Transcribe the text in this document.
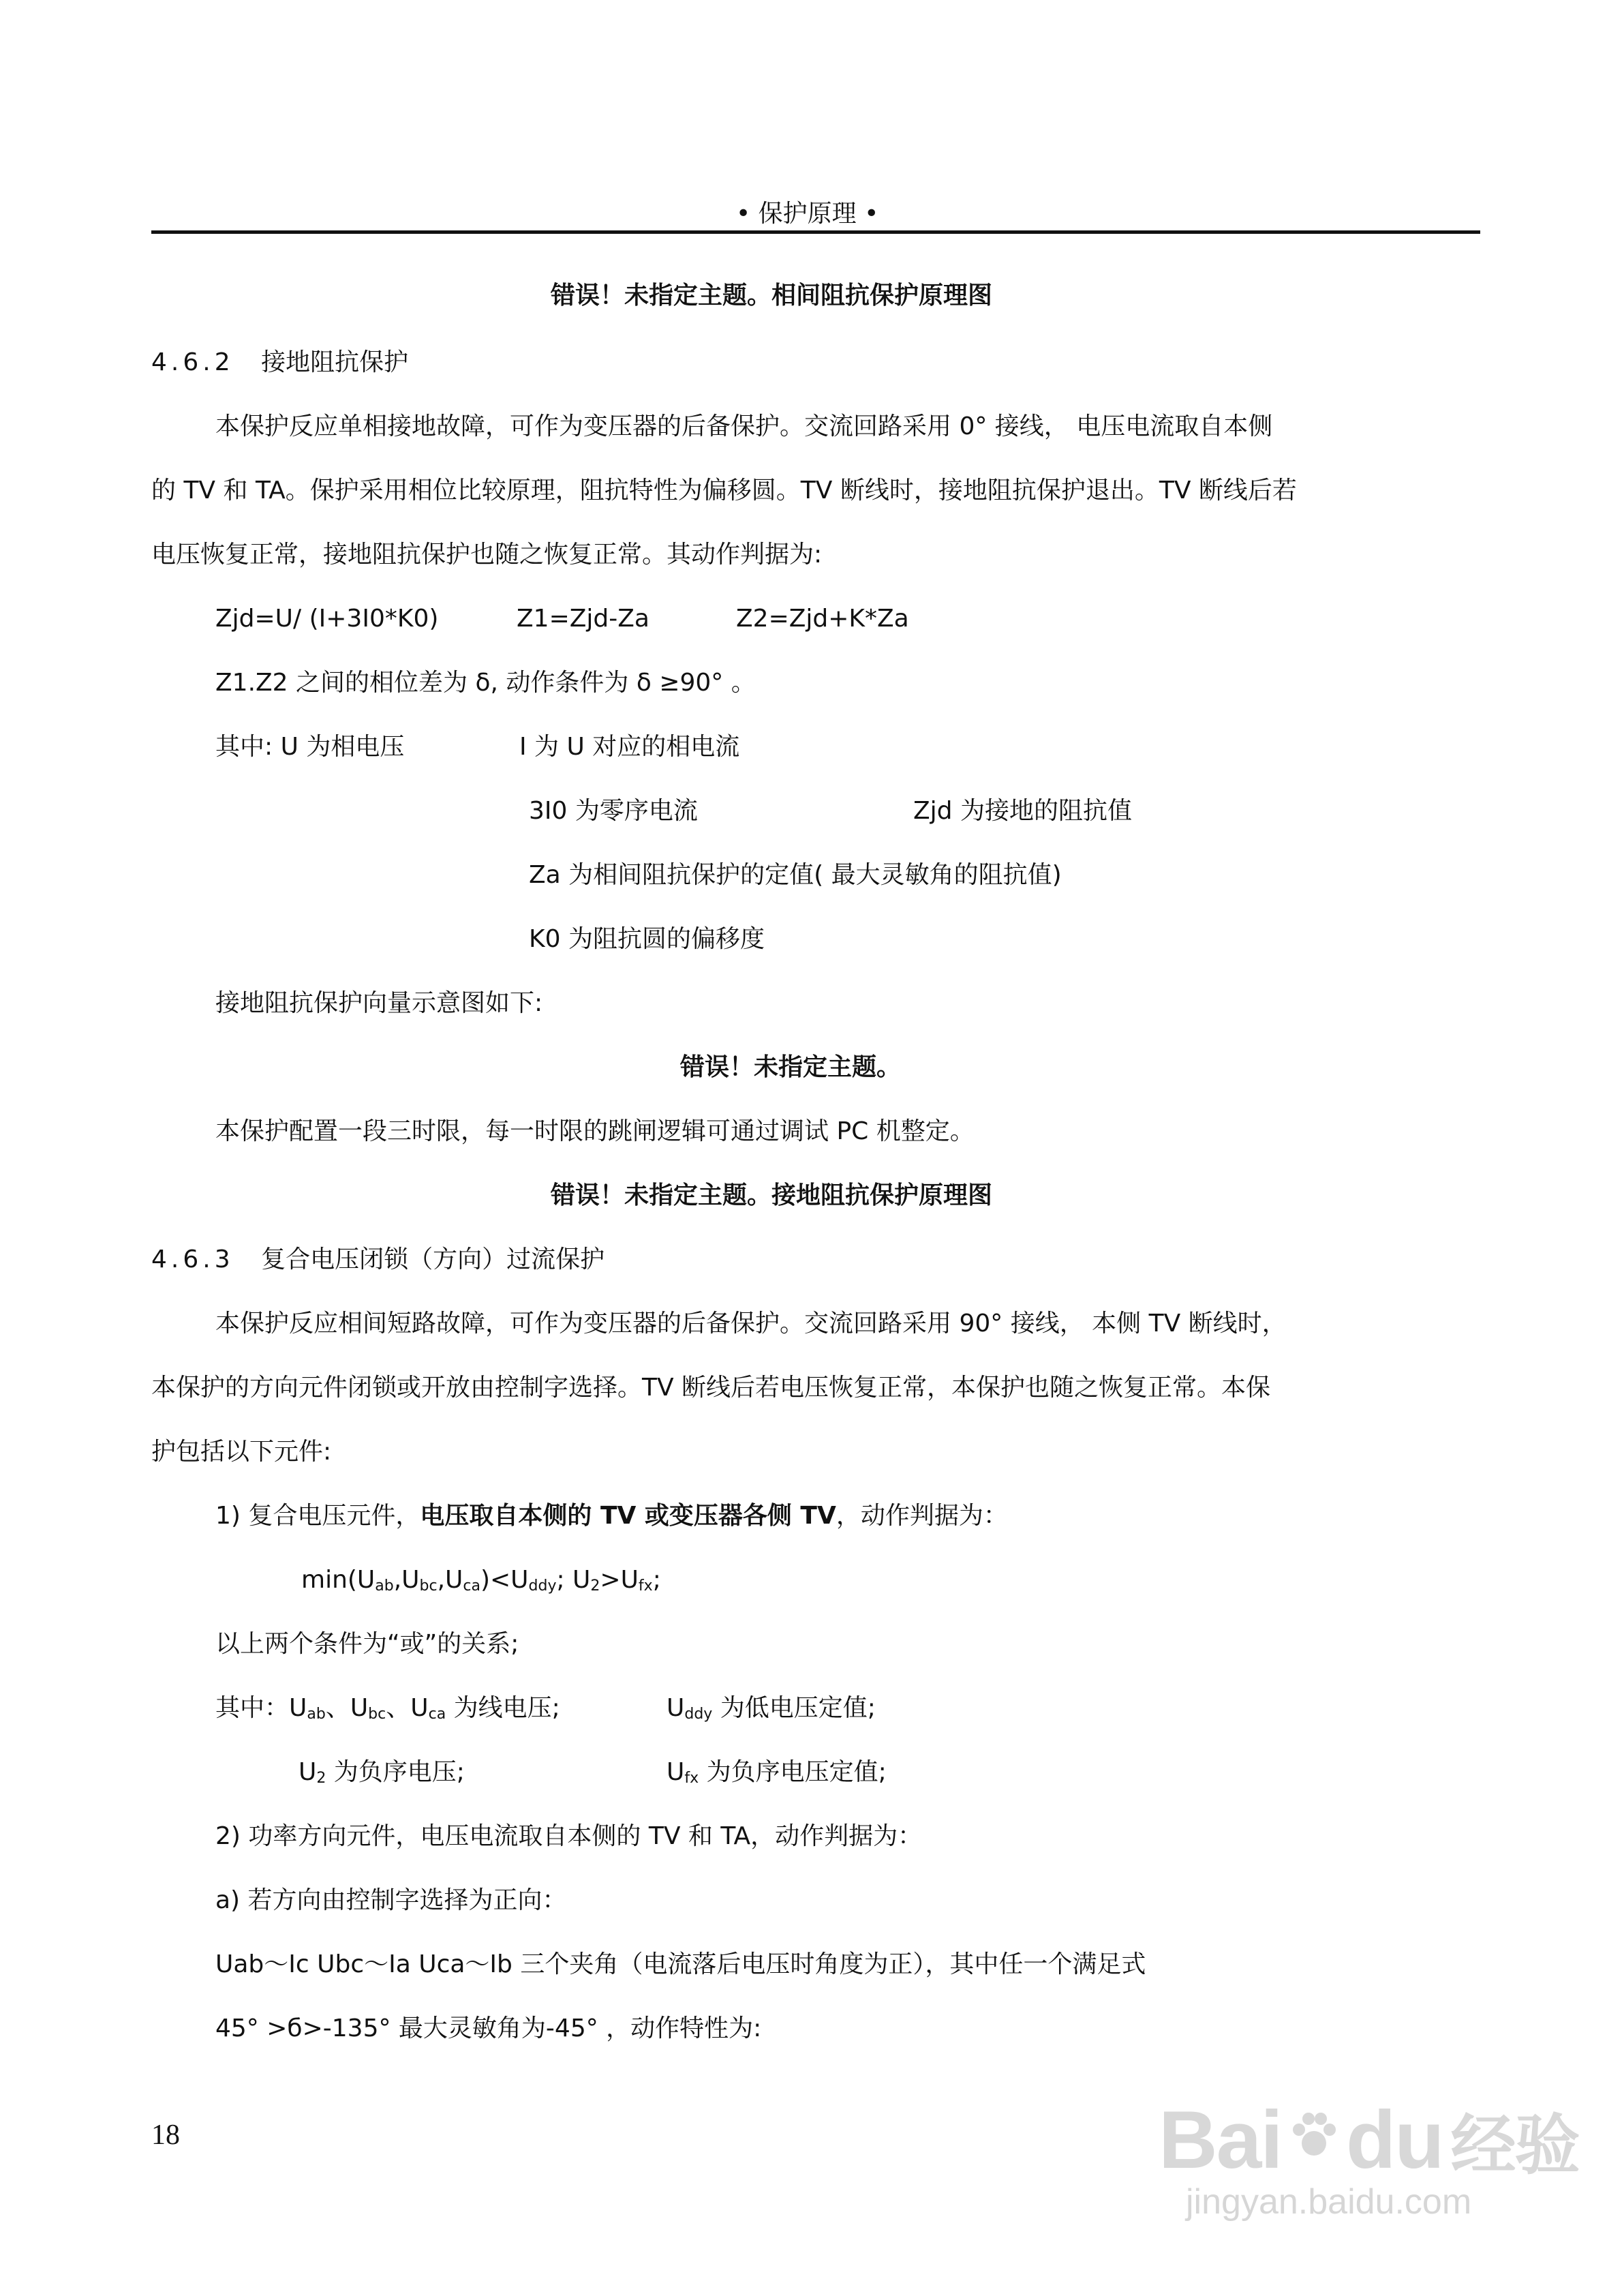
• 保护原理 •
错误！未指定主题。相间阻抗保护原理图
4.6.2 接地阻抗保护
本保护反应单相接地故障，可作为变压器的后备保护。交流回路采用 0° 接线， 电压电流取自本侧
的 TV 和 TA。保护采用相位比较原理，阻抗特性为偏移圆。TV 断线时，接地阻抗保护退出。TV 断线后若
电压恢复正常，接地阻抗保护也随之恢复正常。其动作判据为:
Zjd=U/ (I+3I0*K0)	Z1=Zjd-Za	Z2=Zjd+K*Za
Z1.Z2 之间的相位差为 δ, 动作条件为 δ ≥90° 。
其中: U 为相电压	I 为 U 对应的相电流
3I0 为零序电流	Zjd 为接地的阻抗值
Za 为相间阻抗保护的定值( 最大灵敏角的阻抗值)
K0 为阻抗圆的偏移度
接地阻抗保护向量示意图如下:
错误！未指定主题。
本保护配置一段三时限，每一时限的跳闸逻辑可通过调试 PC 机整定。
错误！未指定主题。接地阻抗保护原理图
4.6.3 复合电压闭锁（方向）过流保护
本保护反应相间短路故障，可作为变压器的后备保护。交流回路采用 90° 接线， 本侧 TV 断线时，
本保护的方向元件闭锁或开放由控制字选择。TV 断线后若电压恢复正常，本保护也随之恢复正常。本保
护包括以下元件:
1) 复合电压元件，电压取自本侧的 TV 或变压器各侧 TV，动作判据为：
min(Uab,Ubc,Uca)<Uddy; U2>Ufx;
以上两个条件为“或”的关系;
其中：Uab、Ubc、Uca 为线电压;	Uddy 为低电压定值;
U2 为负序电压;	Ufx 为负序电压定值;
2) 功率方向元件，电压电流取自本侧的 TV 和 TA，动作判据为：
a) 若方向由控制字选择为正向：
Uab～Ic Ubc～Ia Uca～Ib 三个夹角（电流落后电压时角度为正），其中任一个满足式
45° >б>-135° 最大灵敏角为-45° ，动作特性为:
18	Bai du 经验
jingyan.baidu.com
